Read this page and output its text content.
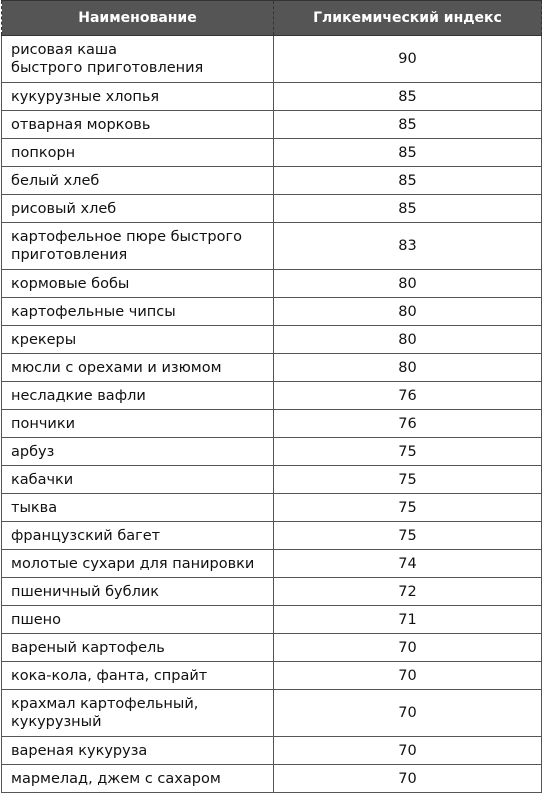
Наименование	Гликемический индекс
рисовая каша
быстрого приготовления	90
кукурузные хлопья	85
отварная морковь	85
попкорн	85
белый хлеб	85
рисовый хлеб	85
картофельное пюре быстрого
приготовления	83
кормовые бобы	80
картофельные чипсы	80
крекеры	80
мюсли с орехами и изюмом	80
несладкие вафли	76
пончики	76
арбуз	75
кабачки	75
тыква	75
французский багет	75
молотые сухари для панировки	74
пшеничный бублик	72
пшено	71
вареный картофель	70
кока-кола, фанта, спрайт	70
крахмал картофельный,
кукурузный	70
вареная кукуруза	70
мармелад, джем с сахаром	70
